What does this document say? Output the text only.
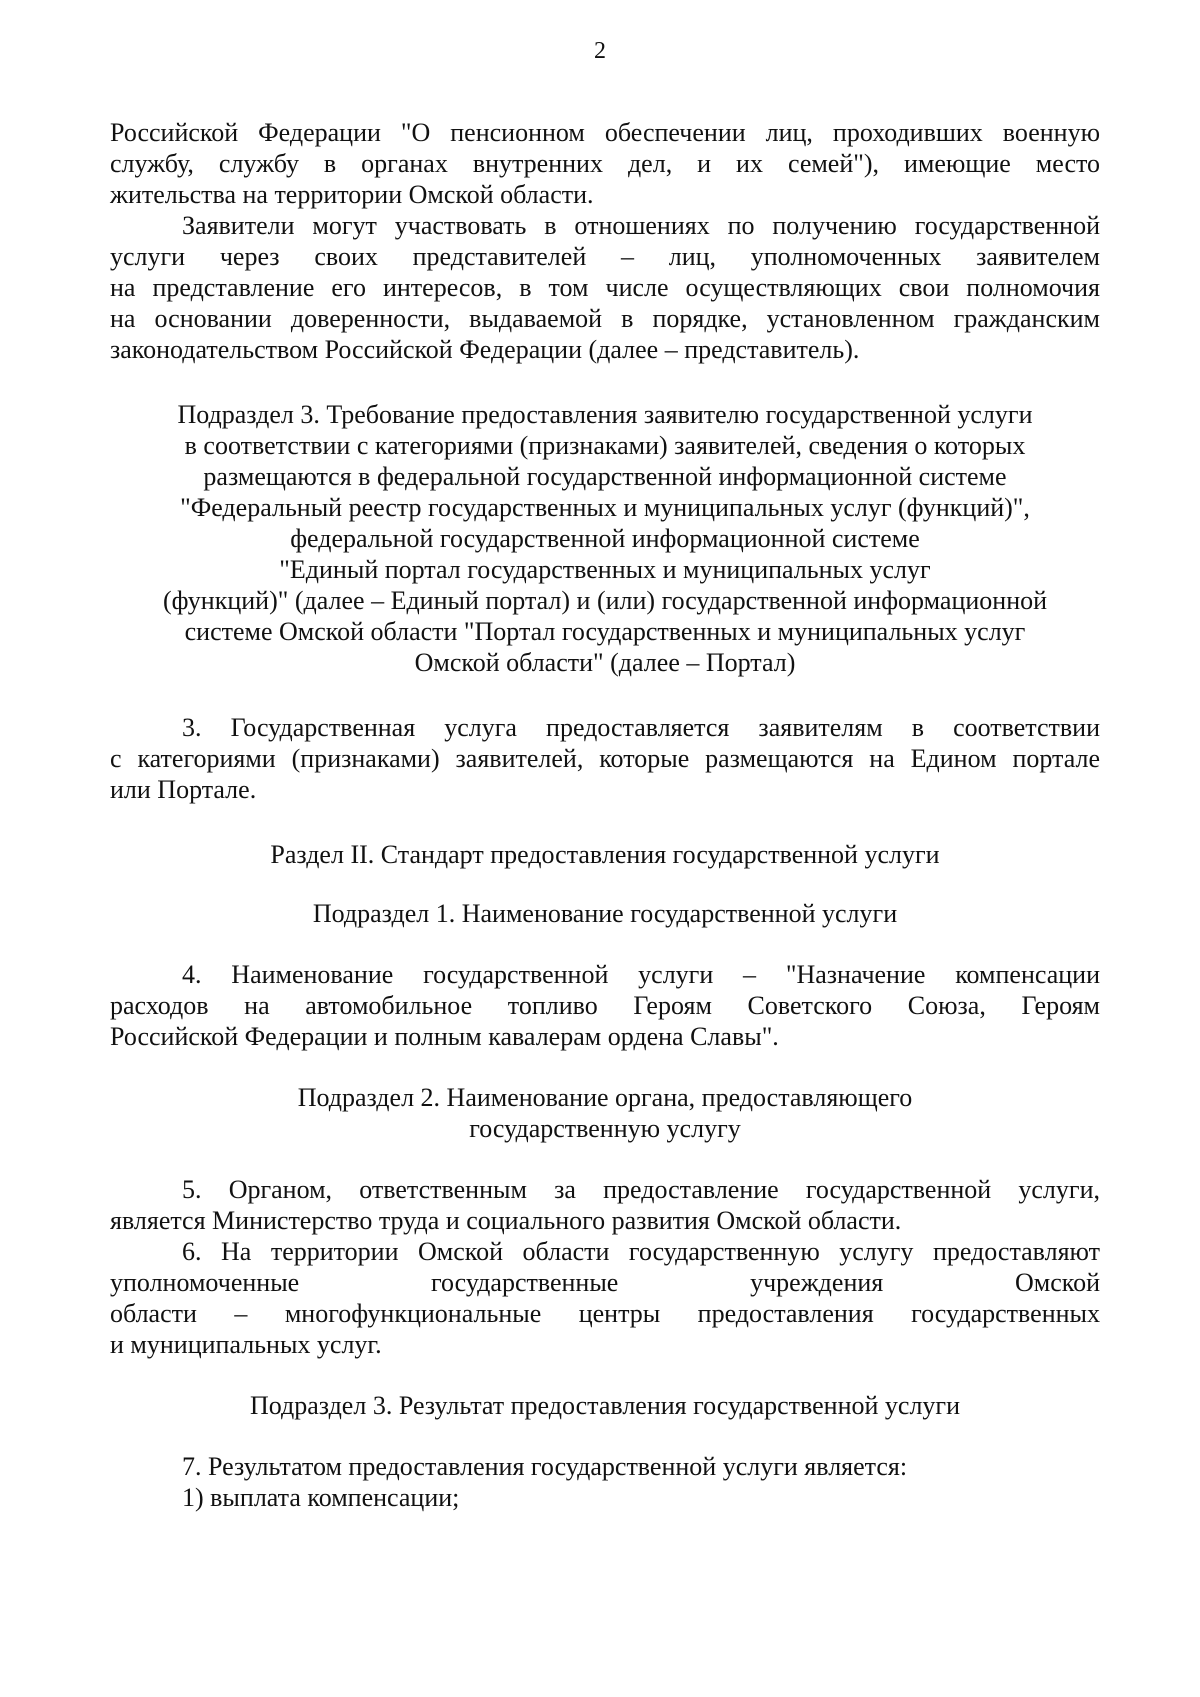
2
Российской Федерации "О пенсионном обеспечении лиц, проходивших военную
службу, службу в органах внутренних дел, и их семей"), имеющие место
жительства на территории Омской области.
Заявители могут участвовать в отношениях по получению государственной
услуги через своих представителей – лиц, уполномоченных заявителем
на представление его интересов, в том числе осуществляющих свои полномочия
на основании доверенности, выдаваемой в порядке, установленном гражданским
законодательством Российской Федерации (далее – представитель).
Подраздел 3. Требование предоставления заявителю государственной услуги
в соответствии с категориями (признаками) заявителей, сведения о которых
размещаются в федеральной государственной информационной системе
"Федеральный реестр государственных и муниципальных услуг (функций)",
федеральной государственной информационной системе
"Единый портал государственных и муниципальных услуг
(функций)" (далее – Единый портал) и (или) государственной информационной
системе Омской области "Портал государственных и муниципальных услуг
Омской области" (далее – Портал)
3. Государственная услуга предоставляется заявителям в соответствии
с категориями (признаками) заявителей, которые размещаются на Едином портале
или Портале.
Раздел II. Стандарт предоставления государственной услуги
Подраздел 1. Наименование государственной услуги
4. Наименование государственной услуги – "Назначение компенсации
расходов на автомобильное топливо Героям Советского Союза, Героям
Российской Федерации и полным кавалерам ордена Славы".
Подраздел 2. Наименование органа, предоставляющего
государственную услугу
5. Органом, ответственным за предоставление государственной услуги,
является Министерство труда и социального развития Омской области.
6. На территории Омской области государственную услугу предоставляют
уполномоченные государственные учреждения Омской
области – многофункциональные центры предоставления государственных
и муниципальных услуг.
Подраздел 3. Результат предоставления государственной услуги
7. Результатом предоставления государственной услуги является:
1) выплата компенсации;
